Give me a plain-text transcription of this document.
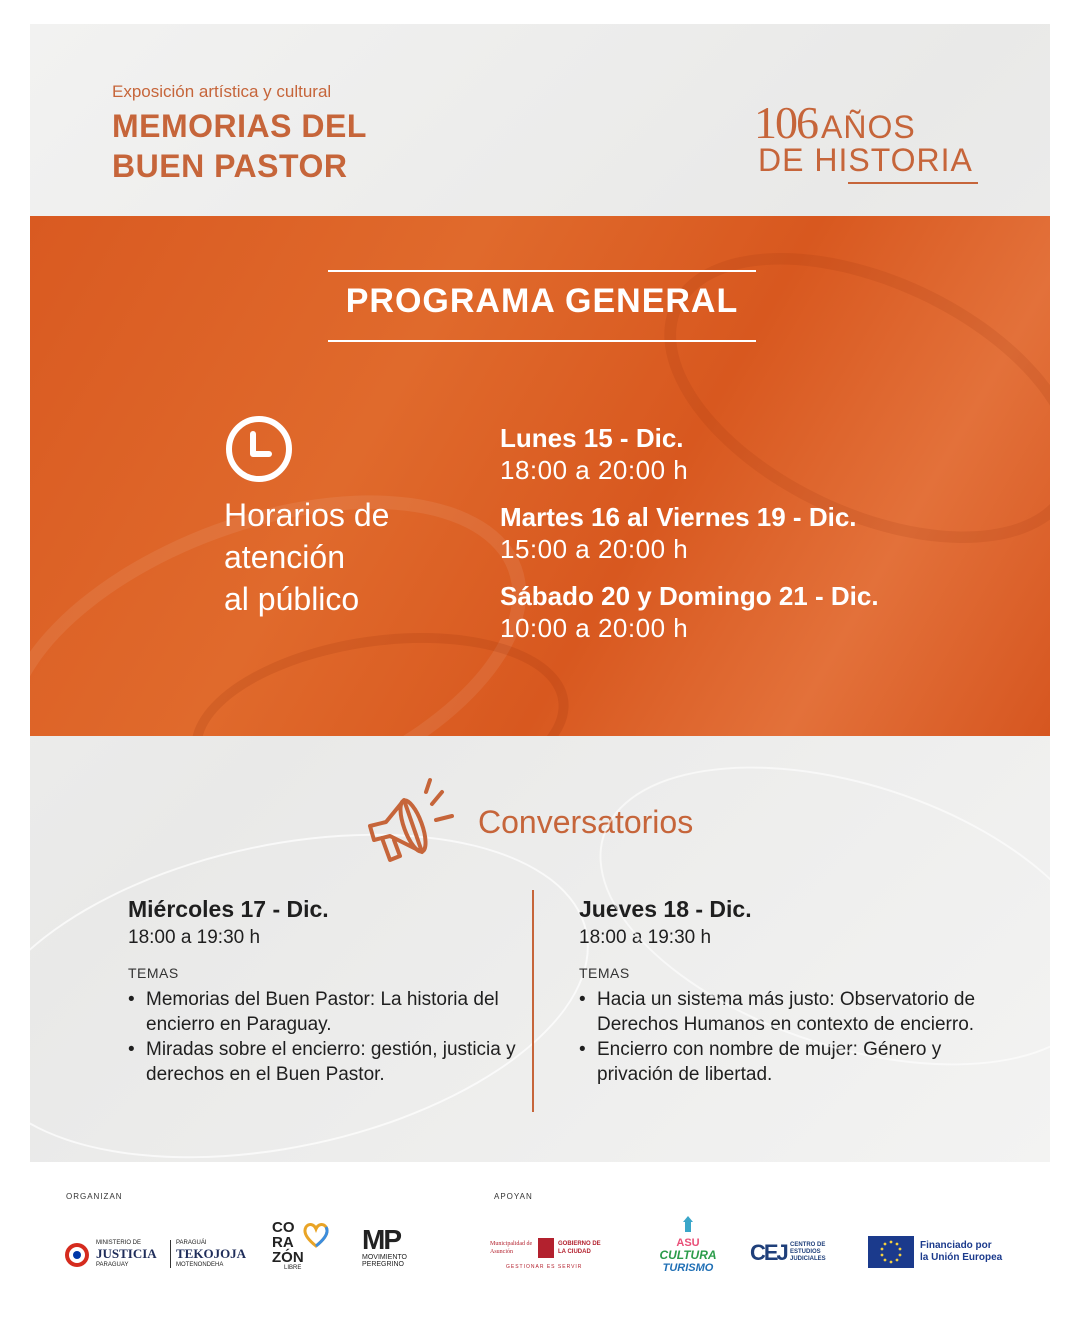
Exposición artística y cultural
MEMORIAS DEL
BUEN PASTOR
106 AÑOS
DE HISTORIA
PROGRAMA GENERAL
Horarios de
atención
al público
Lunes 15 - Dic.
18:00 a 20:00 h
Martes 16 al Viernes 19 - Dic.
15:00 a 20:00 h
Sábado 20 y Domingo 21 - Dic.
10:00 a 20:00 h
Conversatorios
Miércoles 17 - Dic.
18:00 a 19:30 h
TEMAS
• Memorias del Buen Pastor: La historia del encierro en Paraguay.
• Miradas sobre el encierro: gestión, justicia y derechos en el Buen Pastor.
Jueves 18 - Dic.
18:00 a 19:30 h
TEMAS
• Hacia un sistema más justo: Observatorio de Derechos Humanos en contexto de encierro.
• Encierro con nombre de mujer: Género y privación de libertad.
ORGANIZAN	APOYAN
MINISTERIO DE
JUSTICIA
PARAGUAY
PARAGUÁI
TEKOJOJA
MOTENONDEHA
CO
RA
ZÓN
LIBRE
MP
MOVIMIENTO
PEREGRINO
Municipalidad de Asunción
GOBIERNO DE LA CIUDAD
GESTIONAR ES SERVIR
ASU
CULTURA
TURISMO
CEJ CENTRO DE ESTUDIOS JUDICIALES
Financiado por
la Unión Europea
